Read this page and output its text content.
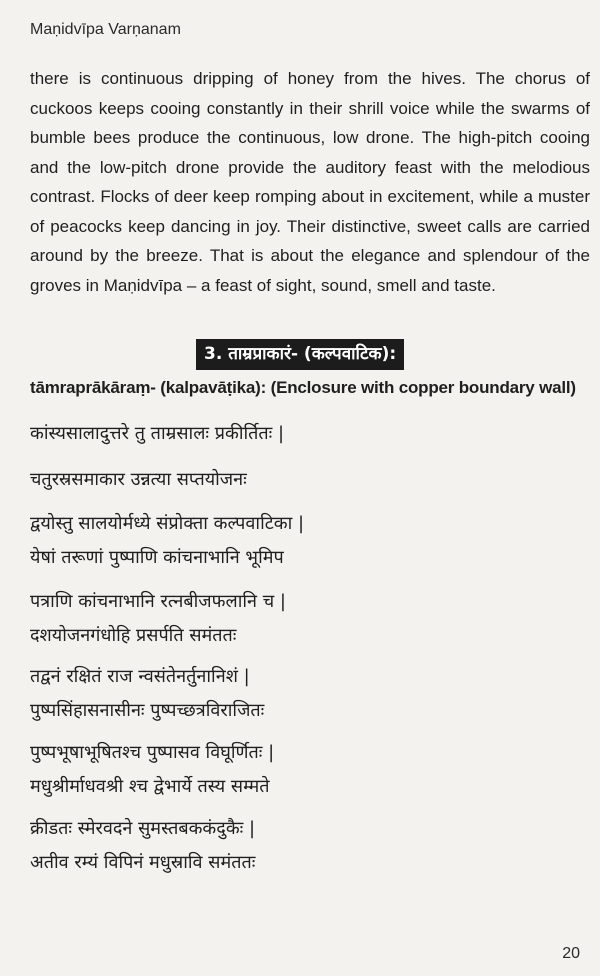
Maṇidvīpa Varṇanam

there is continuous dripping of honey from the hives. The chorus of cuckoos keeps cooing constantly in their shrill voice while the swarms of bumble bees produce the continuous, low drone. The high-pitch cooing and the low-pitch drone provide the auditory feast with the melodious contrast. Flocks of deer keep romping about in excitement, while a muster of peacocks keep dancing in joy. Their distinctive, sweet calls are carried around by the breeze. That is about the elegance and splendour of the groves in Maṇidvīpa – a feast of sight, sound, smell and taste.

3. ताम्रप्राकारं- (कल्पवाटिक):
tāmraprākāraṃ- (kalpavāṭika): (Enclosure with copper boundary wall)
कांस्यसालादुत्तरे तु ताम्रसालः प्रकीर्तितः |
चतुरस्रसमाकार उन्नत्या सप्तयोजनः
द्वयोस्तु सालयोर्मध्ये संप्रोक्ता कल्पवाटिका |
येषां तरूणां पुष्पाणि कांचनाभानि भूमिप
पत्राणि कांचनाभानि रत्नबीजफलानि च |
दशयोजनगंधोहि प्रसर्पति समंततः
तद्वनं रक्षितं राज न्वसंतेनर्तुनानिशं |
पुष्पसिंहासनासीनः पुष्पच्छत्रविराजितः
पुष्पभूषाभूषितश्च पुष्पासव विघूर्णितः |
मधुश्रीर्माधवश्री श्च द्वेभार्ये तस्य सम्मते
क्रीडतः स्मेरवदने सुमस्तबककंदुकैः |
अतीव रम्यं विपिनं मधुस्रावि समंततः
20
